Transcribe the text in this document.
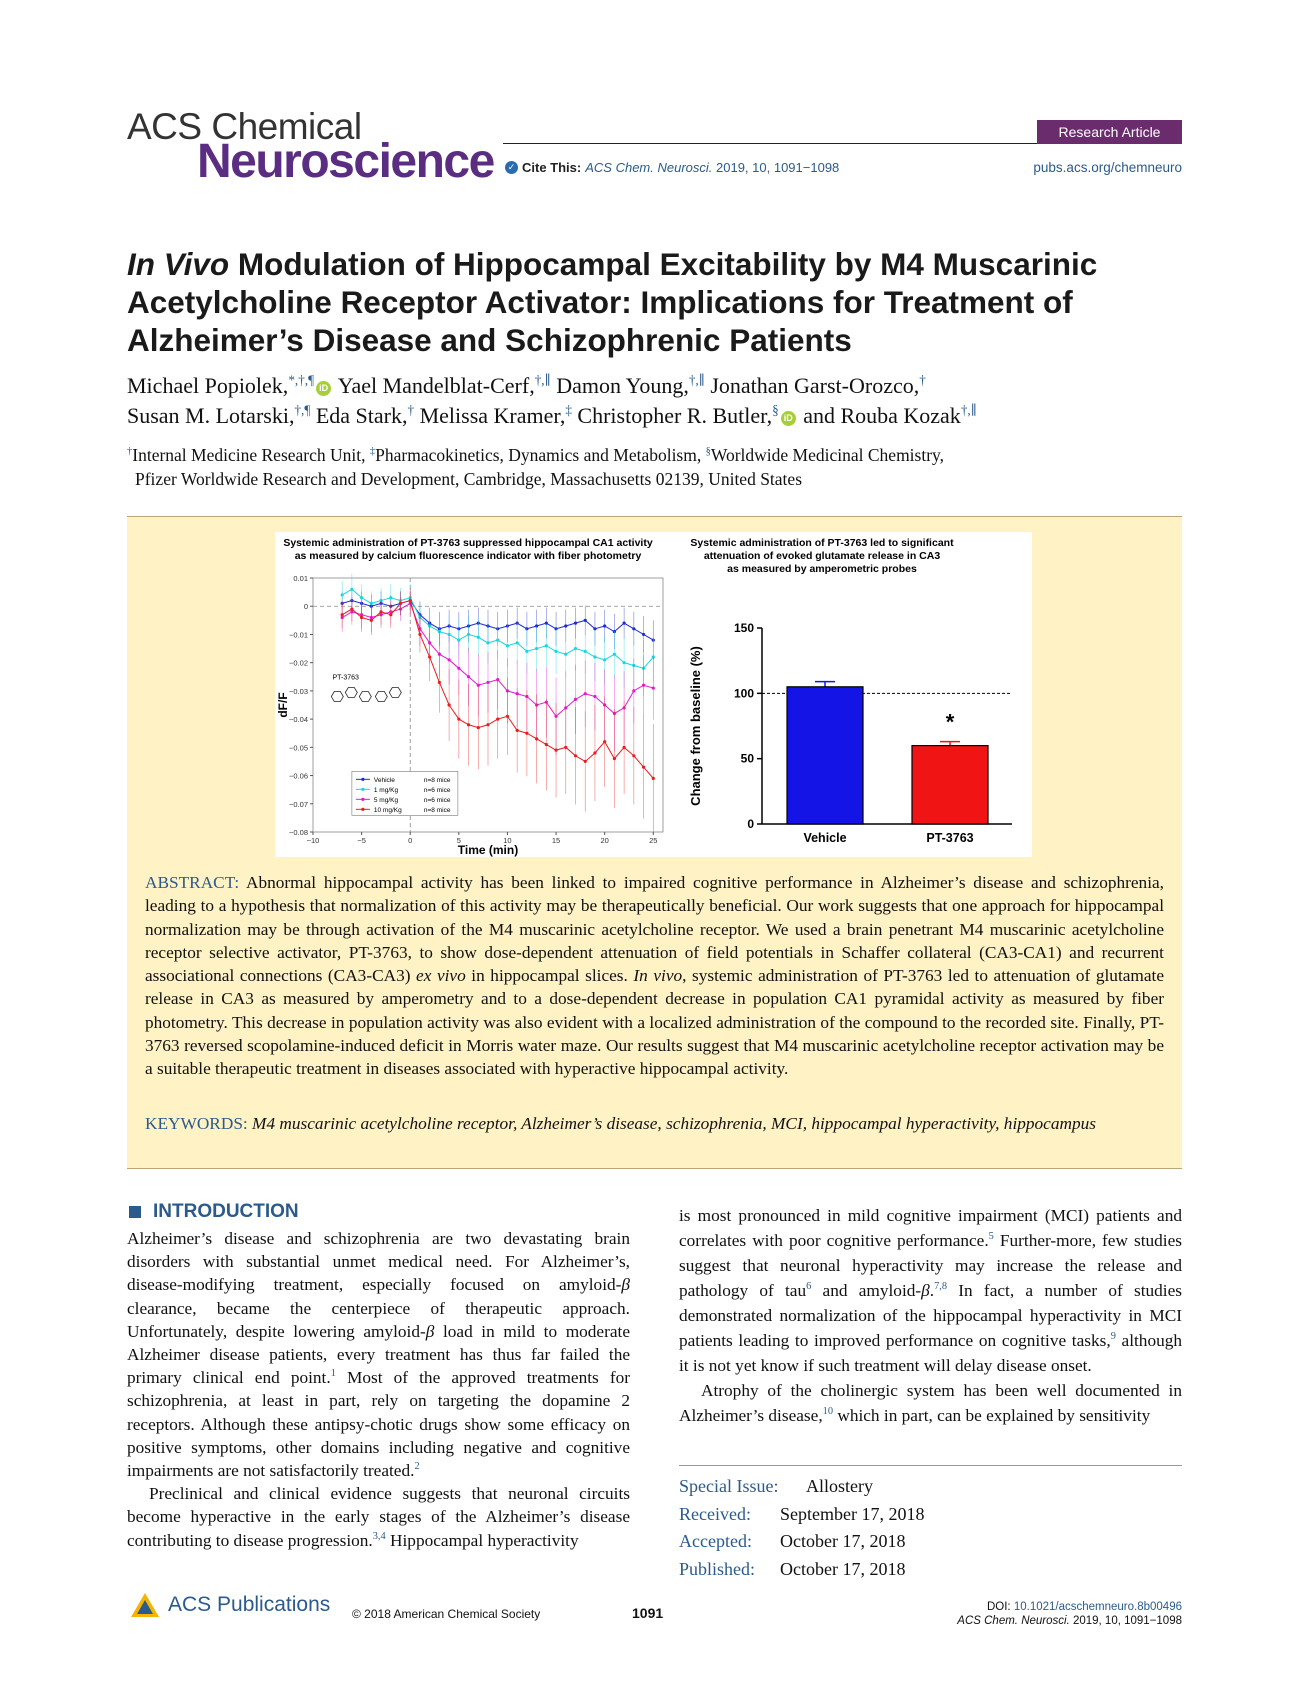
ACS Chemical
Neuroscience
Research Article
✓ Cite This: ACS Chem. Neurosci. 2019, 10, 1091−1098	pubs.acs.org/chemneuro
In Vivo Modulation of Hippocampal Excitability by M4 Muscarinic Acetylcholine Receptor Activator: Implications for Treatment of Alzheimer’s Disease and Schizophrenic Patients
Michael Popiolek,*,†,¶iD Yael Mandelblat-Cerf,†,∥ Damon Young,†,∥ Jonathan Garst-Orozco,†
Susan M. Lotarski,†,¶ Eda Stark,† Melissa Kramer,‡ Christopher R. Butler,§iD and Rouba Kozak†,∥
†Internal Medicine Research Unit, ‡Pharmacokinetics, Dynamics and Metabolism, §Worldwide Medicinal Chemistry,
Pfizer Worldwide Research and Development, Cambridge, Massachusetts 02139, United States
Systemic administration of PT-3763 suppressed hippocampal CA1 activity
as measured by calcium fluorescence indicator with fiber photometry
0.01
0
−0.01
−0.02
−0.03
−0.04
−0.05
−0.06
−0.07
−0.08
−10	−5	0	5	10	15	20	25
Time (min)
dF/F
PT-3763
Vehicle	n=8 mice
1 mg/Kg	n=6 mice
5 mg/Kg	n=6 mice
10 mg/Kg	n=8 mice
Systemic administration of PT-3763 led to significant
attenuation of evoked glutamate release in CA3
as measured by amperometric probes
0
50
100
150
Change from baseline (%)
Vehicle	PT-3763
*
ABSTRACT: Abnormal hippocampal activity has been linked to impaired cognitive performance in Alzheimer’s disease and schizophrenia, leading to a hypothesis that normalization of this activity may be therapeutically beneficial. Our work suggests that one approach for hippocampal normalization may be through activation of the M4 muscarinic acetylcholine receptor. We used a brain penetrant M4 muscarinic acetylcholine receptor selective activator, PT-3763, to show dose-dependent attenuation of field potentials in Schaffer collateral (CA3-CA1) and recurrent associational connections (CA3-CA3) ex vivo in hippocampal slices. In vivo, systemic administration of PT-3763 led to attenuation of glutamate release in CA3 as measured by amperometry and to a dose-dependent decrease in population CA1 pyramidal activity as measured by fiber photometry. This decrease in population activity was also evident with a localized administration of the compound to the recorded site. Finally, PT-3763 reversed scopolamine-induced deficit in Morris water maze. Our results suggest that M4 muscarinic acetylcholine receptor activation may be a suitable therapeutic treatment in diseases associated with hyperactive hippocampal activity.
KEYWORDS: M4 muscarinic acetylcholine receptor, Alzheimer’s disease, schizophrenia, MCI, hippocampal hyperactivity, hippocampus
INTRODUCTION

Alzheimer’s disease and schizophrenia are two devastating brain disorders with substantial unmet medical need. For Alzheimer’s, disease-modifying treatment, especially focused on amyloid-β clearance, became the centerpiece of therapeutic approach. Unfortunately, despite lowering amyloid-β load in mild to moderate Alzheimer disease patients, every treatment has thus far failed the primary clinical end point.$^1$ Most of the approved treatments for schizophrenia, at least in part, rely on targeting the dopamine 2 receptors. Although these antipsy-chotic drugs show some efficacy on positive symptoms, other domains including negative and cognitive impairments are not satisfactorily treated.$^2$

Preclinical and clinical evidence suggests that neuronal circuits become hyperactive in the early stages of the Alzheimer’s disease contributing to disease progression.$^{3,4}$ Hippocampal hyperactivity

is most pronounced in mild cognitive impairment (MCI) patients and correlates with poor cognitive performance.$^5$ Further-more, few studies suggest that neuronal hyperactivity may increase the release and pathology of tau$^6$ and amyloid-β.$^{7,8}$ In fact, a number of studies demonstrated normalization of the hippocampal hyperactivity in MCI patients leading to improved performance on cognitive tasks,$^9$ although it is not yet know if such treatment will delay disease onset.

Atrophy of the cholinergic system has been well documented in Alzheimer’s disease,$^{10}$ which in part, can be explained by sensitivity

Special Issue:	Allostery
Received:	September 17, 2018
Accepted:	October 17, 2018
Published:	October 17, 2018
ACS Publications © 2018 American Chemical Society	1091	DOI: 10.1021/acschemneuro.8b00496
ACS Chem. Neurosci. 2019, 10, 1091−1098
